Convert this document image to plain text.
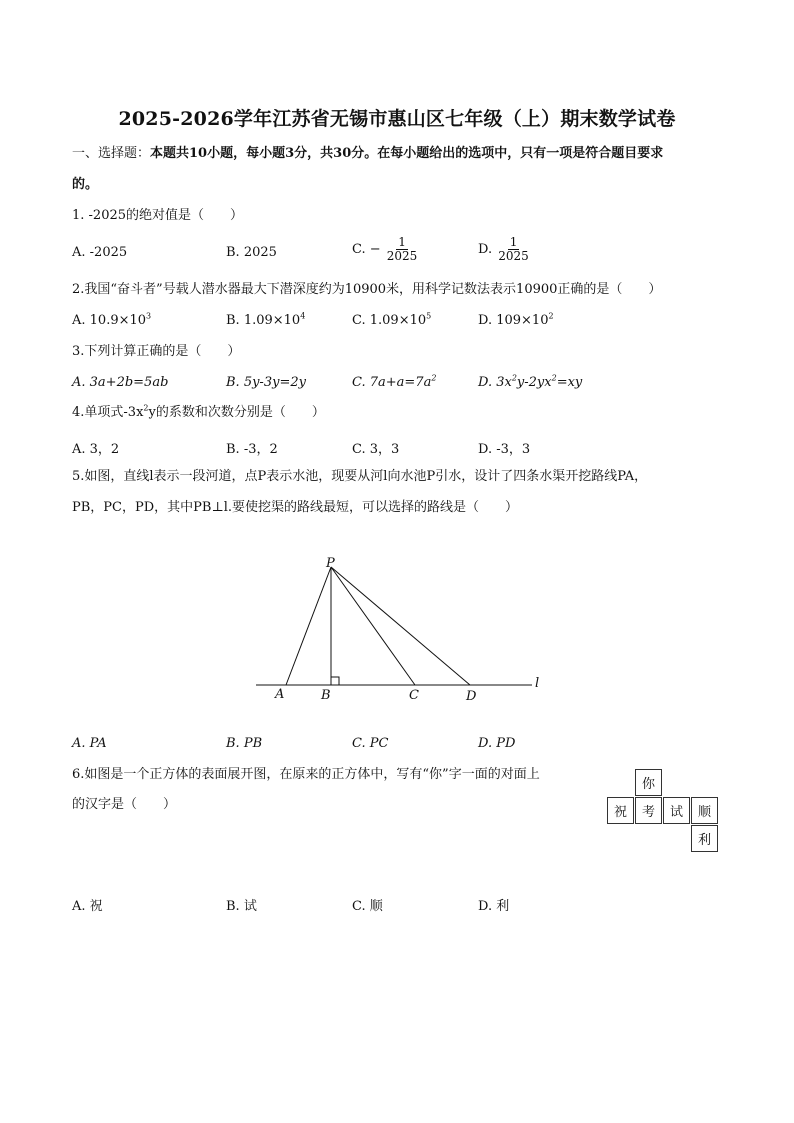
2025-2026学年江苏省无锡市惠山区七年级（上）期末数学试卷
一、选择题：本题共10小题，每小题3分，共30分。在每小题给出的选项中，只有一项是符合题目要求
的。
1. -2025的绝对值是（　　）
A. -2025	B. 2025	C. − $\frac{1}{2025}$	D. $\frac{1}{2025}$
2.我国“奋斗者”号载人潜水器最大下潜深度约为10900米，用科学记数法表示10900正确的是（　　）
A. $10.9\times 10^3$	B. $1.09\times 10^4$	C. $1.09\times 10^5$	D. $109\times 10^2$
3.下列计算正确的是（　　）
A. 3a+2b=5ab	B. 5y-3y=2y	C. $7a+a=7a^2$	D. $3x^2y-2yx^2=xy$
4.单项式$-3x^2y$的系数和次数分别是（　　）
A. 3，2	B. -3，2	C. 3，3	D. -3，3
5.如图，直线l表示一段河道，点P表示水池，现要从河l向水池P引水，设计了四条水渠开挖路线PA，
PB，PC，PD，其中PB⊥l.要使挖渠的路线最短，可以选择的路线是（　　）
P
A	B	C	D
l
A. PA	B. PB	C. PC	D. PD
6.如图是一个正方体的表面展开图，在原来的正方体中，写有“你”字一面的对面上
的汉字是（　　）
你
祝	考	试	顺
利
A. 祝	B. 试	C. 顺	D. 利
